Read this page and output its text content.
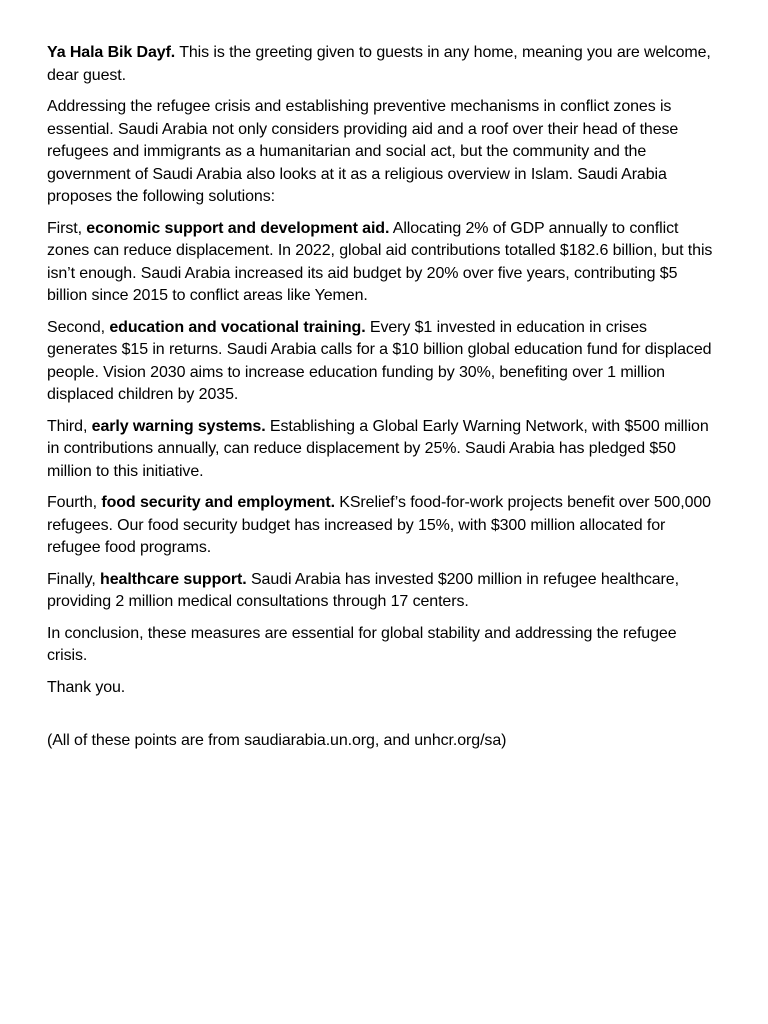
Ya Hala Bik Dayf. This is the greeting given to guests in any home, meaning you are welcome, dear guest.

Addressing the refugee crisis and establishing preventive mechanisms in conflict zones is essential. Saudi Arabia not only considers providing aid and a roof over their head of these refugees and immigrants as a humanitarian and social act, but the community and the government of Saudi Arabia also looks at it as a religious overview in Islam. Saudi Arabia proposes the following solutions:

First, economic support and development aid. Allocating 2% of GDP annually to conflict zones can reduce displacement. In 2022, global aid contributions totalled $182.6 billion, but this isn’t enough. Saudi Arabia increased its aid budget by 20% over five years, contributing $5 billion since 2015 to conflict areas like Yemen.

Second, education and vocational training. Every $1 invested in education in crises generates $15 in returns. Saudi Arabia calls for a $10 billion global education fund for displaced people. Vision 2030 aims to increase education funding by 30%, benefiting over 1 million displaced children by 2035.

Third, early warning systems. Establishing a Global Early Warning Network, with $500 million in contributions annually, can reduce displacement by 25%. Saudi Arabia has pledged $50 million to this initiative.

Fourth, food security and employment. KSrelief’s food-for-work projects benefit over 500,000 refugees. Our food security budget has increased by 15%, with $300 million allocated for refugee food programs.

Finally, healthcare support. Saudi Arabia has invested $200 million in refugee healthcare, providing 2 million medical consultations through 17 centers.

In conclusion, these measures are essential for global stability and addressing the refugee crisis.

Thank you.

(All of these points are from saudiarabia.un.org, and unhcr.org/sa)
